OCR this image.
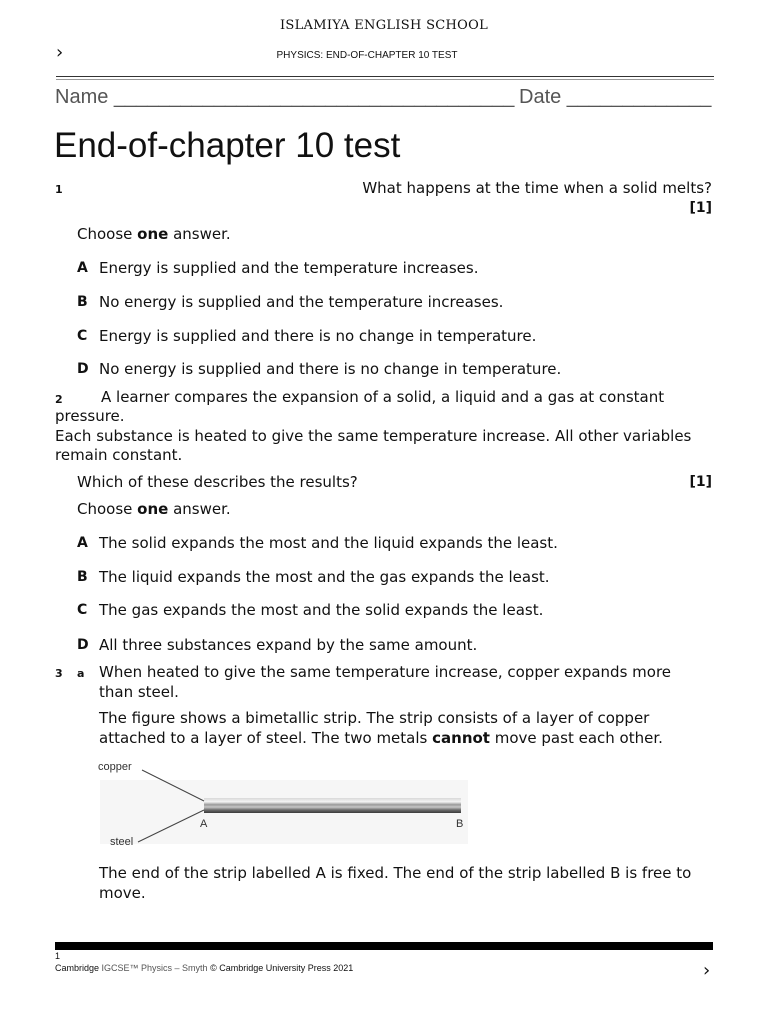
ISLAMIYA ENGLISH SCHOOL
›	PHYSICS: END-OF-CHAPTER 10 TEST
Name ____________________________________ Date _____________
End-of-chapter 10 test
1	What happens at the time when a solid melts?
[1]
Choose one answer.
A Energy is supplied and the temperature increases.
B No energy is supplied and the temperature increases.
C Energy is supplied and there is no change in temperature.
D No energy is supplied and there is no change in temperature.
2	A learner compares the expansion of a solid, a liquid and a gas at constant
pressure.
Each substance is heated to give the same temperature increase. All other variables
remain constant.
Which of these describes the results?	[1]
Choose one answer.
A The solid expands the most and the liquid expands the least.
B The liquid expands the most and the gas expands the least.
C The gas expands the most and the solid expands the least.
D All three substances expand by the same amount.
3 a When heated to give the same temperature increase, copper expands more
than steel.
The figure shows a bimetallic strip. The strip consists of a layer of copper
attached to a layer of steel. The two metals cannot move past each other.
copper
steel
A	B
The end of the strip labelled A is fixed. The end of the strip labelled B is free to
move.
1
Cambridge IGCSE™ Physics – Smyth © Cambridge University Press 2021	›
